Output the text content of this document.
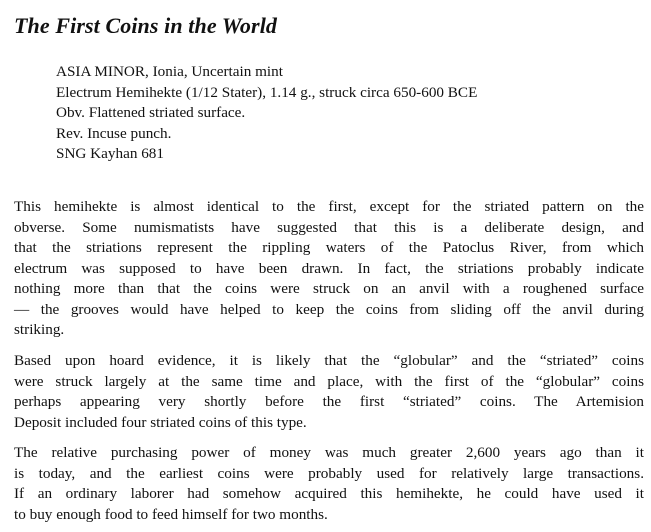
The First Coins in the World
ASIA MINOR, Ionia, Uncertain mint
Electrum Hemihekte (1/12 Stater), 1.14 g., struck circa 650-600 BCE
Obv. Flattened striated surface.
Rev. Incuse punch.
SNG Kayhan 681

This hemihekte is almost identical to the first, except for the striated pattern on the
obverse. Some numismatists have suggested that this is a deliberate design, and
that the striations represent the rippling waters of the Patoclus River, from which
electrum was supposed to have been drawn. In fact, the striations probably indicate
nothing more than that the coins were struck on an anvil with a roughened surface
— the grooves would have helped to keep the coins from sliding off the anvil during
striking.

Based upon hoard evidence, it is likely that the “globular” and the “striated” coins
were struck largely at the same time and place, with the first of the “globular” coins
perhaps appearing very shortly before the first “striated” coins. The Artemision
Deposit included four striated coins of this type.

The relative purchasing power of money was much greater 2,600 years ago than it
is today, and the earliest coins were probably used for relatively large transactions.
If an ordinary laborer had somehow acquired this hemihekte, he could have used it
to buy enough food to feed himself for two months.
